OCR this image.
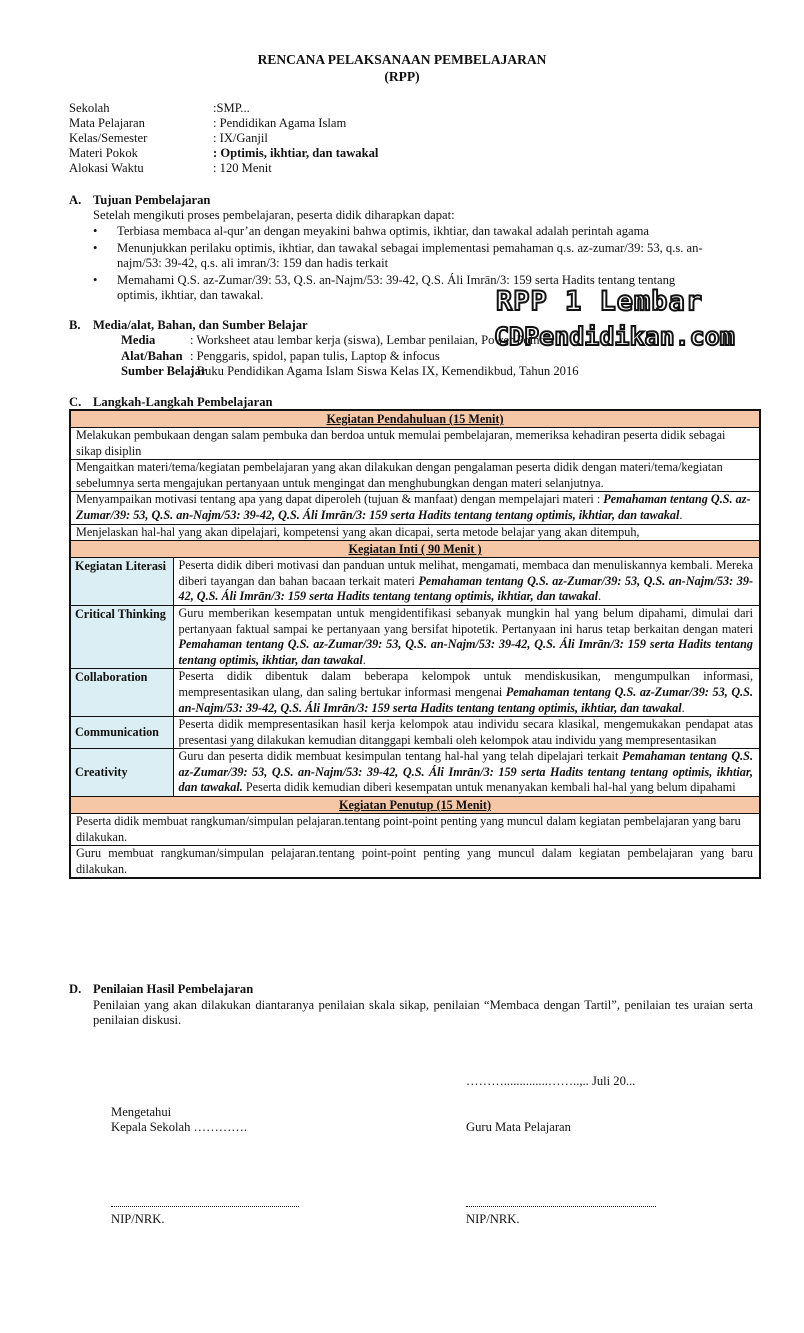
RENCANA PELAKSANAAN PEMBELAJARAN
(RPP)
Sekolah	:SMP...
Mata Pelajaran	: Pendidikan Agama Islam
Kelas/Semester	: IX/Ganjil
Materi Pokok	: Optimis, ikhtiar, dan tawakal
Alokasi Waktu	: 120 Menit
A. Tujuan Pembelajaran
Setelah mengikuti proses pembelajaran, peserta didik diharapkan dapat:
• Terbiasa membaca al-qur’an dengan meyakini bahwa optimis, ikhtiar, dan tawakal adalah perintah agama
• Menunjukkan perilaku optimis, ikhtiar, dan tawakal sebagai implementasi pemahaman q.s. az-zumar/39: 53, q.s. an-najm/53: 39-42, q.s. ali imran/3: 159 dan hadis terkait
• Memahami Q.S. az-Zumar/39: 53, Q.S. an-Najm/53: 39-42, Q.S. Áli Imrān/3: 159 serta Hadits tentang tentang optimis, ikhtiar, dan tawakal.	RPP 1 Lembar
CDPendidikan.com
B. Media/alat, Bahan, dan Sumber Belajar
Media	: Worksheet atau lembar kerja (siswa), Lembar penilaian, Power Point
Alat/Bahan : Penggaris, spidol, papan tulis, Laptop & infocus
Sumber Belajar
: Buku Pendidikan Agama Islam Siswa Kelas IX, Kemendikbud, Tahun 2016
C. Langkah-Langkah Pembelajaran
Kegiatan Pendahuluan (15 Menit)	
Melakukan pembukaan dengan salam pembuka dan berdoa untuk memulai pembelajaran, memeriksa kehadiran peserta didik sebagai sikap disiplin	
Mengaitkan materi/tema/kegiatan pembelajaran yang akan dilakukan dengan pengalaman peserta didik dengan materi/tema/kegiatan sebelumnya serta mengajukan pertanyaan untuk mengingat dan menghubungkan dengan materi selanjutnya.	
Menyampaikan motivasi tentang apa yang dapat diperoleh (tujuan & manfaat) dengan mempelajari materi : Pemahaman tentang Q.S. az-Zumar/39: 53, Q.S. an-Najm/53: 39-42, Q.S. Áli Imrān/3: 159 serta Hadits tentang tentang optimis, ikhtiar, dan tawakal.	
Menjelaskan hal-hal yang akan dipelajari, kompetensi yang akan dicapai, serta metode belajar yang akan ditempuh,	
Kegiatan Inti ( 90 Menit )	
Kegiatan Literasi	Peserta didik diberi motivasi dan panduan untuk melihat, mengamati, membaca dan menuliskannya kembali. Mereka diberi tayangan dan bahan bacaan terkait materi Pemahaman tentang Q.S. az-Zumar/39: 53, Q.S. an-Najm/53: 39-42, Q.S. Áli Imrān/3: 159 serta Hadits tentang tentang optimis, ikhtiar, dan tawakal.
Critical Thinking	Guru memberikan kesempatan untuk mengidentifikasi sebanyak mungkin hal yang belum dipahami, dimulai dari pertanyaan faktual sampai ke pertanyaan yang bersifat hipotetik. Pertanyaan ini harus tetap berkaitan dengan materi Pemahaman tentang Q.S. az-Zumar/39: 53, Q.S. an-Najm/53: 39-42, Q.S. Áli Imrān/3: 159 serta Hadits tentang tentang optimis, ikhtiar, dan tawakal.
Collaboration	Peserta didik dibentuk dalam beberapa kelompok untuk mendiskusikan, mengumpulkan informasi, mempresentasikan ulang, dan saling bertukar informasi mengenai Pemahaman tentang Q.S. az-Zumar/39: 53, Q.S. an-Najm/53: 39-42, Q.S. Áli Imrān/3: 159 serta Hadits tentang tentang optimis, ikhtiar, dan tawakal.
Communication	Peserta didik mempresentasikan hasil kerja kelompok atau individu secara klasikal, mengemukakan pendapat atas presentasi yang dilakukan kemudian ditanggapi kembali oleh kelompok atau individu yang mempresentasikan
Creativity	Guru dan peserta didik membuat kesimpulan tentang hal-hal yang telah dipelajari terkait Pemahaman tentang Q.S. az-Zumar/39: 53, Q.S. an-Najm/53: 39-42, Q.S. Áli Imrān/3: 159 serta Hadits tentang tentang optimis, ikhtiar, dan tawakal. Peserta didik kemudian diberi kesempatan untuk menanyakan kembali hal-hal yang belum dipahami
Kegiatan Penutup (15 Menit)	
Peserta didik membuat rangkuman/simpulan pelajaran.tentang point-point penting yang muncul dalam kegiatan pembelajaran yang baru dilakukan.	
Guru membuat rangkuman/simpulan pelajaran.tentang point-point penting yang muncul dalam kegiatan pembelajaran yang baru dilakukan.	
D. Penilaian Hasil Pembelajaran
Penilaian yang akan dilakukan diantaranya penilaian skala sikap, penilaian “Membaca dengan Tartil”, penilaian tes uraian serta penilaian diskusi.
………..............……..,.. Juli 20...
Mengetahui
Kepala Sekolah ………….	Guru Mata Pelajaran
NIP/NRK.	NIP/NRK.
